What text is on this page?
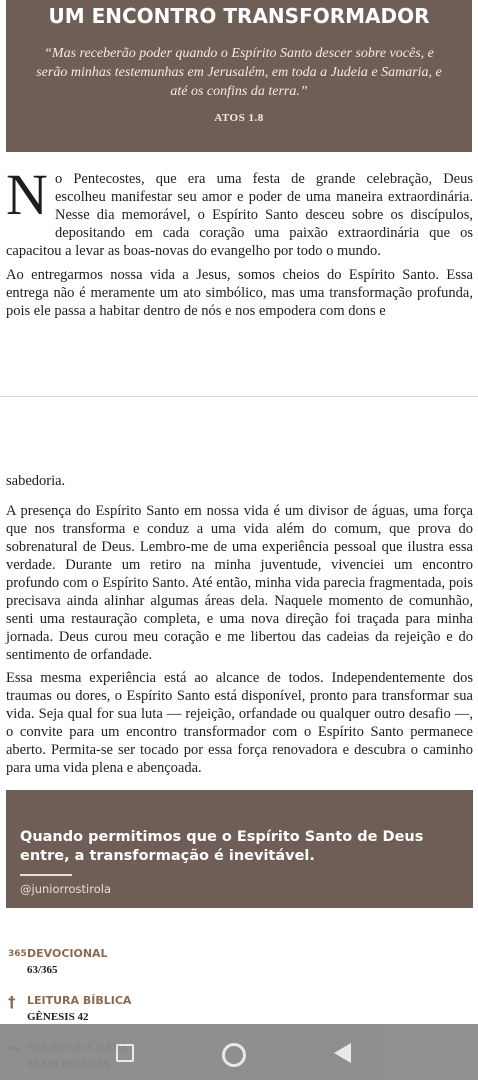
UM ENCONTRO TRANSFORMADOR
“Mas receberão poder quando o Espírito Santo descer sobre vocês, e
serão minhas testemunhas em Jerusalém, em toda a Judeia e Samaria, e
até os confins da terra.”
ATOS 1.8
N o Pentecostes, que era uma festa de grande celebração, Deus
escolheu manifestar seu amor e poder de uma maneira extraordinária.
Nesse dia memorável, o Espírito Santo desceu sobre os discípulos,
depositando em cada coração uma paixão extraordinária que os
capacitou a levar as boas-novas do evangelho por todo o mundo.
Ao entregarmos nossa vida a Jesus, somos cheios do Espírito Santo. Essa entrega não é meramente um ato simbólico, mas uma transformação profunda, pois ele passa a habitar dentro de nós e nos empodera com dons e
sabedoria.
A presença do Espírito Santo em nossa vida é um divisor de águas, uma força que nos transforma e conduz a uma vida além do comum, que prova do sobrenatural de Deus. Lembro-me de uma experiência pessoal que ilustra essa verdade. Durante um retiro na minha juventude, vivenciei um encontro profundo com o Espírito Santo. Até então, minha vida parecia fragmentada, pois precisava ainda alinhar algumas áreas dela. Naquele momento de comunhão, senti uma restauração completa, e uma nova direção foi traçada para minha jornada. Deus curou meu coração e me libertou das cadeias da rejeição e do sentimento de orfandade.
Essa mesma experiência está ao alcance de todos. Independentemente dos traumas ou dores, o Espírito Santo está disponível, pronto para transformar sua vida. Seja qual for sua luta — rejeição, orfandade ou qualquer outro desafio —, o convite para um encontro transformador com o Espírito Santo permanece aberto. Permita-se ser tocado por essa força renovadora e descubra o caminho para uma vida plena e abençoada.
Quando permitimos que o Espírito Santo de Deus entre, a transformação é inevitável.
@juniorrostirola
365 DEVOCIONAL
63/365
† LEITURA BÍBLICA
GÊNESIS 42
